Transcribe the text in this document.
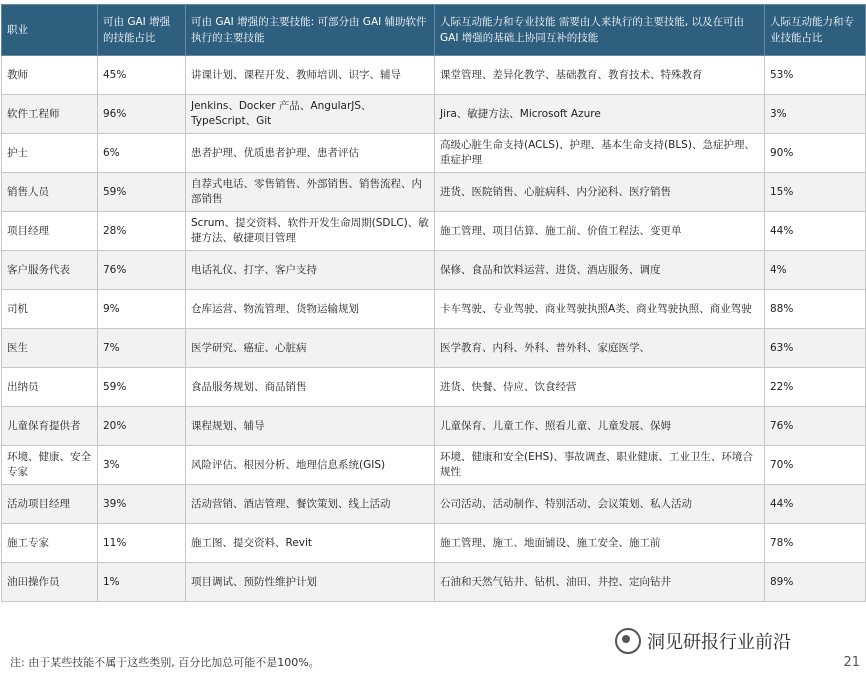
职业	可由 GAI 增强的技能占比	可由 GAI 增强的主要技能: 可部分由 GAI 辅助软件执行的主要技能	人际互动能力和专业技能 需要由人来执行的主要技能, 以及在可由 GAI 增强的基础上协同互补的技能	人际互动能力和专业技能占比
教师	45%	讲课计划、课程开发、教师培训、识字、辅导	课堂管理、差异化教学、基础教育、教育技术、特殊教育	53%
软件工程师	96%	Jenkins、Docker 产品、AngularJS、TypeScript、Git	Jira、敏捷方法、Microsoft Azure	3%
护士	6%	患者护理、优质患者护理、患者评估	高级心脏生命支持(ACLS)、护理、基本生命支持(BLS)、急症护理、重症护理	90%
销售人员	59%	自荐式电话、零售销售、外部销售、销售流程、内部销售	进货、医院销售、心脏病科、内分泌科、医疗销售	15%
项目经理	28%	Scrum、提交资料、软件开发生命周期(SDLC)、敏捷方法、敏捷项目管理	施工管理、项目估算、施工前、价值工程法、变更单	44%
客户服务代表	76%	电话礼仪、打字、客户支持	保修、食品和饮料运营、进货、酒店服务、调度	4%
司机	9%	仓库运营、物流管理、货物运输规划	卡车驾驶、专业驾驶、商业驾驶执照A类、商业驾驶执照、商业驾驶	88%
医生	7%	医学研究、癌症、心脏病	医学教育、内科、外科、普外科、家庭医学、	63%
出纳员	59%	食品服务规划、商品销售	进货、快餐、侍应、饮食经营	22%
儿童保育提供者	20%	课程规划、辅导	儿童保育、儿童工作、照看儿童、儿童发展、保姆	76%
环境、健康、安全专家	3%	风险评估、根因分析、地理信息系统(GIS)	环境、健康和安全(EHS)、事故调查、职业健康、工业卫生、环境合规性	70%
活动项目经理	39%	活动营销、酒店管理、餐饮策划、线上活动	公司活动、活动制作、特别活动、会议策划、私人活动	44%
施工专家	11%	施工图、提交资料、Revit	施工管理、施工、地面铺设、施工安全、施工前	78%
油田操作员	1%	项目调试、预防性维护计划	石油和天然气钻井、钻机、油田、井控、定向钻井	89%
注: 由于某些技能不属于这些类别, 百分比加总可能不是100%。
洞见研报行业前沿
21
